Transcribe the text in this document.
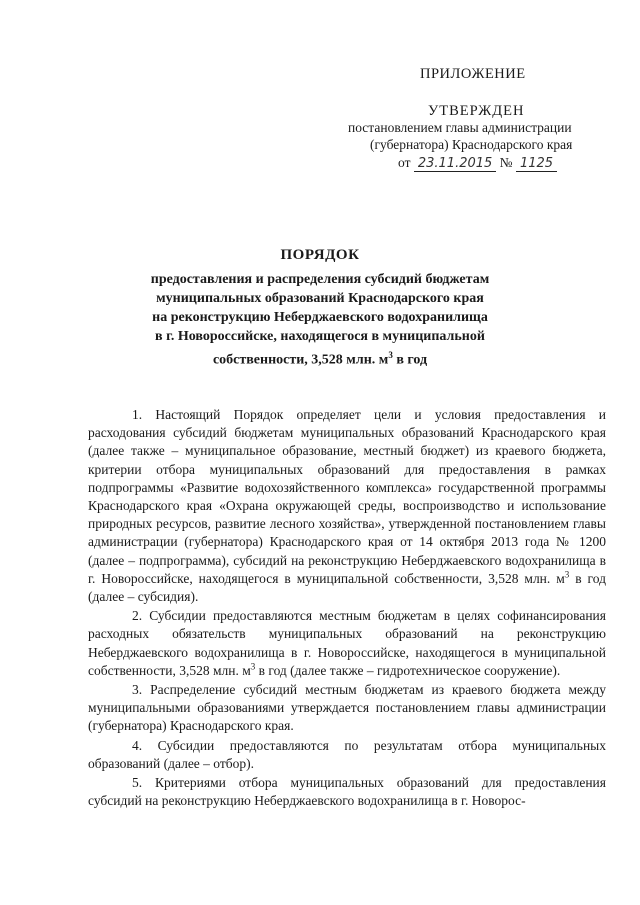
ПРИЛОЖЕНИЕ
УТВЕРЖДЕН
постановлением главы администрации
(губернатора) Краснодарского края
от 23.11.2015 № 1125
ПОРЯДОК
предоставления и распределения субсидий бюджетам
муниципальных образований Краснодарского края
на реконструкцию Неберджаевского водохранилища
в г. Новороссийске, находящегося в муниципальной
собственности, 3,528 млн. $м^3$ в год

1. Настоящий Порядок определяет цели и условия предоставления и расходования субсидий бюджетам муниципальных образований Краснодарского края (далее также – муниципальное образование, местный бюджет) из краевого бюджета, критерии отбора муниципальных образований для предоставления в рамках подпрограммы «Развитие водохозяйственного комплекса» государственной программы Краснодарского края «Охрана окружающей среды, воспроизводство и использование природных ресурсов, развитие лесного хозяйства», утвержденной постановлением главы администрации (губернатора) Краснодарского края от 14 октября 2013 года № 1200 (далее – подпрограмма), субсидий на реконструкцию Неберджаевского водохранилища в г. Новороссийске, находящегося в муниципальной собственности, 3,528 млн. $м^3$ в год (далее – субсидия).

2. Субсидии предоставляются местным бюджетам в целях софинансирования расходных обязательств муниципальных образований на реконструкцию Неберджаевского водохранилища в г. Новороссийске, находящегося в муниципальной собственности, 3,528 млн. $м^3$ в год (далее также – гидротехническое сооружение).

3. Распределение субсидий местным бюджетам из краевого бюджета между муниципальными образованиями утверждается постановлением главы администрации (губернатора) Краснодарского края.

4. Субсидии предоставляются по результатам отбора муниципальных образований (далее – отбор).

5. Критериями отбора муниципальных образований для предоставления субсидий на реконструкцию Неберджаевского водохранилища в г. Новорос-
